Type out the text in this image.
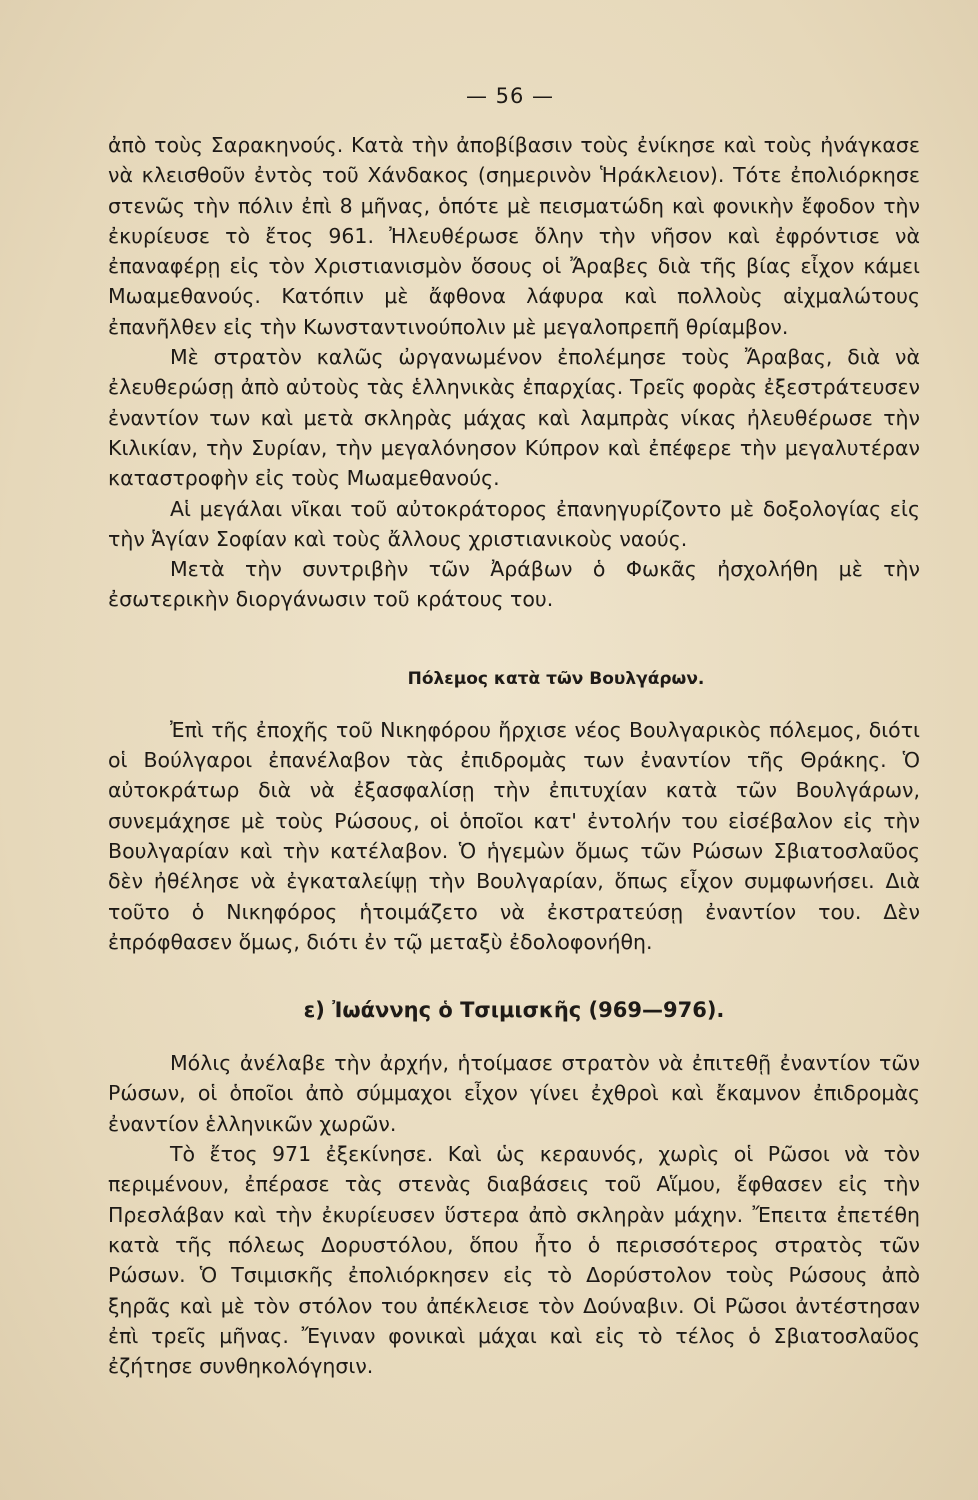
— 56 —

ἀπὸ τοὺς Σαρακηνούς. Κατὰ τὴν ἀποβίβασιν τοὺς ἐνίκησε καὶ τοὺς ἠνάγκασε νὰ κλεισθοῦν ἐντὸς τοῦ Χάνδακος (σημερινὸν Ἡράκλειον). Τότε ἐπολιόρκησε στενῶς τὴν πόλιν ἐπὶ 8 μῆνας, ὁπότε μὲ πεισματώδη καὶ φονικὴν ἔφοδον τὴν ἐκυρίευσε τὸ ἔτος 961. Ἠλευθέρωσε ὅλην τὴν νῆσον καὶ ἐφρόντισε νὰ ἐπαναφέρῃ εἰς τὸν Χριστιανισμὸν ὅσους οἱ Ἄραβες διὰ τῆς βίας εἶχον κάμει Μωαμεθανούς. Κατόπιν μὲ ἄφθονα λάφυρα καὶ πολλοὺς αἰχμαλώτους ἐπανῆλθεν εἰς τὴν Κωνσταντινούπολιν μὲ μεγαλοπρεπῆ θρίαμβον.

Μὲ στρατὸν καλῶς ὠργανωμένον ἐπολέμησε τοὺς Ἄραβας, διὰ νὰ ἐλευθερώσῃ ἀπὸ αὐτοὺς τὰς ἑλληνικὰς ἐπαρχίας. Τρεῖς φορὰς ἐξεστράτευσεν ἐναντίον των καὶ μετὰ σκληρὰς μάχας καὶ λαμπρὰς νίκας ἠλευθέρωσε τὴν Κιλικίαν, τὴν Συρίαν, τὴν μεγαλόνησον Κύπρον καὶ ἐπέφερε τὴν μεγαλυτέραν καταστροφὴν εἰς τοὺς Μωαμεθανούς.

Αἱ μεγάλαι νῖκαι τοῦ αὐτοκράτορος ἐπανηγυρίζοντο μὲ δοξολογίας εἰς τὴν Ἁγίαν Σοφίαν καὶ τοὺς ἄλλους χριστιανικοὺς ναούς.

Μετὰ τὴν συντριβὴν τῶν Ἀράβων ὁ Φωκᾶς ἠσχολήθη μὲ τὴν ἐσωτερικὴν διοργάνωσιν τοῦ κράτους του.

Πόλεμος κατὰ τῶν Βουλγάρων.

Ἐπὶ τῆς ἐποχῆς τοῦ Νικηφόρου ἤρχισε νέος Βουλγαρικὸς πόλεμος, διότι οἱ Βούλγαροι ἐπανέλαβον τὰς ἐπιδρομὰς των ἐναντίον τῆς Θράκης. Ὁ αὐτοκράτωρ διὰ νὰ ἐξασφαλίσῃ τὴν ἐπιτυχίαν κατὰ τῶν Βουλγάρων, συνεμάχησε μὲ τοὺς Ρώσους, οἱ ὁποῖοι κατ' ἐντολήν του εἰσέβαλον εἰς τὴν Βουλγαρίαν καὶ τὴν κατέλαβον. Ὁ ἡγεμὼν ὅμως τῶν Ρώσων Σβιατοσλαῦος δὲν ἠθέλησε νὰ ἐγκαταλείψῃ τὴν Βουλγαρίαν, ὅπως εἶχον συμφωνήσει. Διὰ τοῦτο ὁ Νικηφόρος ἡτοιμάζετο νὰ ἐκστρατεύσῃ ἐναντίον του. Δὲν ἐπρόφθασεν ὅμως, διότι ἐν τῷ μεταξὺ ἐδολοφονήθη.

ε) Ἰωάννης ὁ Τσιμισκῆς (969—976).

Μόλις ἀνέλαβε τὴν ἀρχήν, ἡτοίμασε στρατὸν νὰ ἐπιτεθῇ ἐναντίον τῶν Ρώσων, οἱ ὁποῖοι ἀπὸ σύμμαχοι εἶχον γίνει ἐχθροὶ καὶ ἔκαμνον ἐπιδρομὰς ἐναντίον ἑλληνικῶν χωρῶν.

Τὸ ἔτος 971 ἐξεκίνησε. Καὶ ὡς κεραυνός, χωρὶς οἱ Ρῶσοι νὰ τὸν περιμένουν, ἐπέρασε τὰς στενὰς διαβάσεις τοῦ Αἵμου, ἔφθασεν εἰς τὴν Πρεσλάβαν καὶ τὴν ἐκυρίευσεν ὕστερα ἀπὸ σκληρὰν μάχην. Ἔπειτα ἐπετέθη κατὰ τῆς πόλεως Δορυστόλου, ὅπου ἦτο ὁ περισσότερος στρατὸς τῶν Ρώσων. Ὁ Τσιμισκῆς ἐπολιόρκησεν εἰς τὸ Δορύστολον τοὺς Ρώσους ἀπὸ ξηρᾶς καὶ μὲ τὸν στόλον του ἀπέκλεισε τὸν Δούναβιν. Οἱ Ρῶσοι ἀντέστησαν ἐπὶ τρεῖς μῆνας. Ἔγιναν φονικαὶ μάχαι καὶ εἰς τὸ τέλος ὁ Σβιατοσλαῦος ἐζήτησε συνθηκολόγησιν.
